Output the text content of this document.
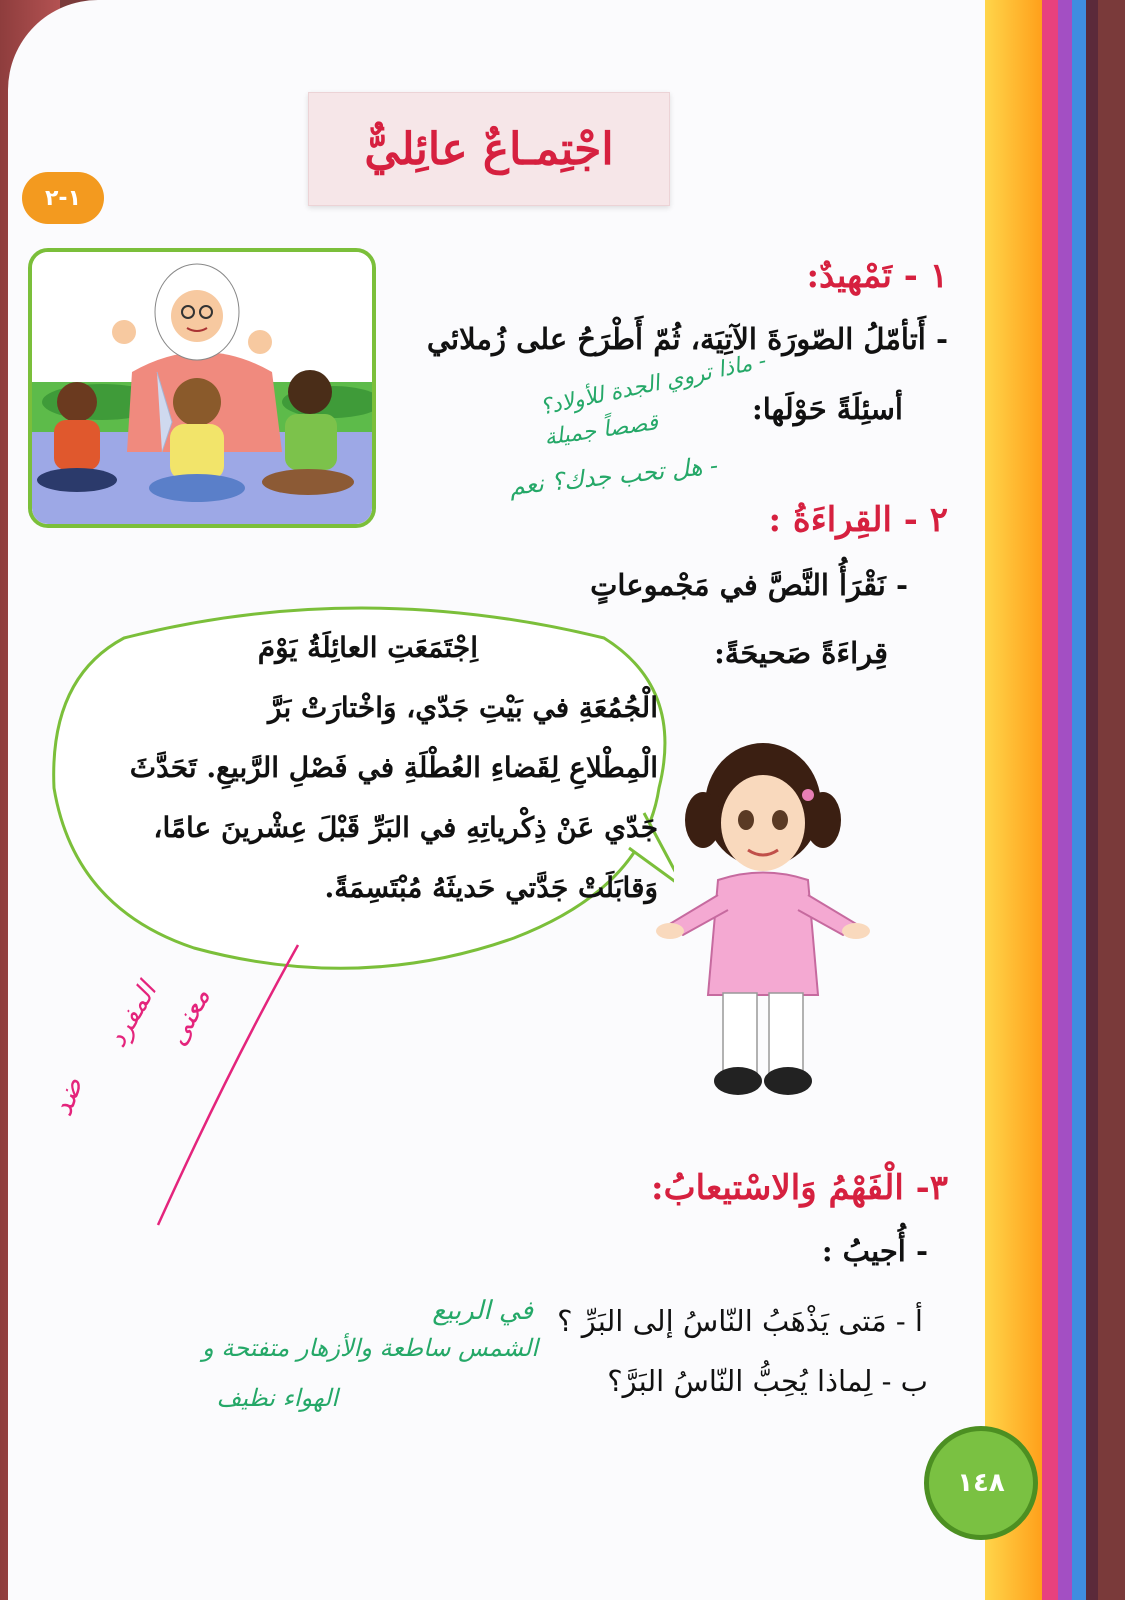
اجْتِمـاعٌ عائِليٌّ
١-٢
١ - تَمْهيدٌ:
- أَتأمّلُ الصّورَةَ الآتِيَة، ثُمّ أَطْرَحُ على زُملائي
أسئِلَةً حَوْلَها:
- ماذا تروي الجدة للأولاد؟
قصصاً جميلة
- هل تحب جدك؟ نعم
٢ - القِراءَةُ :
- نَقْرَأُ النَّصَّ في مَجْموعاتٍ
قِراءَةً صَحيحَةً:
اِجْتَمَعَتِ العائِلَةُ يَوْمَ
الْجُمُعَةِ في بَيْتِ جَدّي، وَاخْتارَتْ بَرَّ
الْمِطْلاعِ لِقَضاءِ العُطْلَةِ في فَصْلِ الرَّبيعِ. تَحَدَّثَ
جَدّي عَنْ ذِكْرياتِهِ في البَرِّ قَبْلَ عِشْرينَ عامًا،
وَقابَلَتْ جَدَّتي حَديثَهُ مُبْتَسِمَةً.
المفرد
ضد
معنى
٣- الْفَهْمُ وَالاسْتيعابُ:
- أُجيبُ :
أ - مَتى يَذْهَبُ النّاسُ إلى البَرِّ ؟
في الربيع
ب - لِماذا يُحِبُّ النّاسُ البَرَّ؟
الشمس ساطعة والأزهار متفتحة و
الهواء نظيف
١٤٨
